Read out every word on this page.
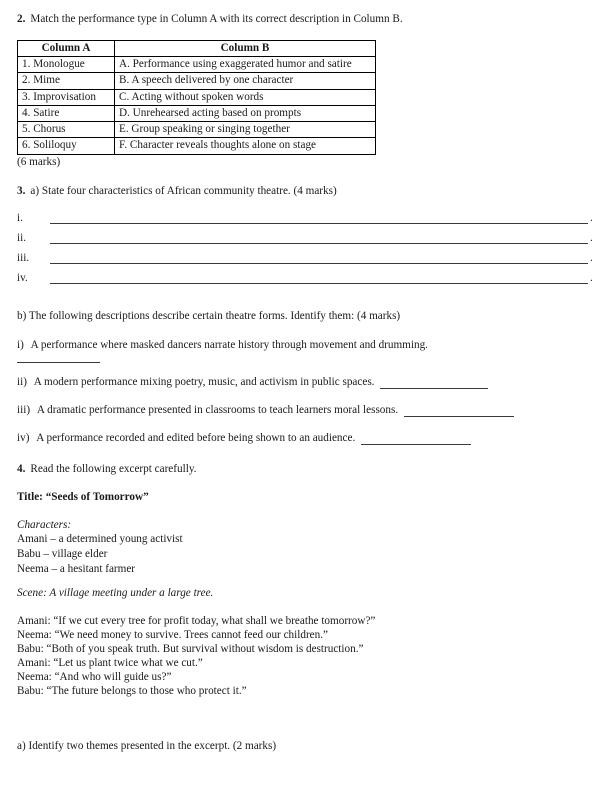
2. Match the performance type in Column A with its correct description in Column B.
Column A	Column B
1. Monologue	A. Performance using exaggerated humor and satire
2. Mime	B. A speech delivered by one character
3. Improvisation	C. Acting without spoken words
4. Satire	D. Unrehearsed acting based on prompts
5. Chorus	E. Group speaking or singing together
6. Soliloquy	F. Character reveals thoughts alone on stage
(6 marks)
3. a) State four characteristics of African community theatre. (4 marks)
i.	.
ii.	.
iii.	.
iv.	.
b) The following descriptions describe certain theatre forms. Identify them: (4 marks)
i) A performance where masked dancers narrate history through movement and drumming.
ii) A modern performance mixing poetry, music, and activism in public spaces.
iii) A dramatic performance presented in classrooms to teach learners moral lessons.
iv) A performance recorded and edited before being shown to an audience.
4. Read the following excerpt carefully.
Title: “Seeds of Tomorrow”
Characters:
Amani – a determined young activist
Babu – village elder
Neema – a hesitant farmer
Scene: A village meeting under a large tree.
Amani: “If we cut every tree for profit today, what shall we breathe tomorrow?”
Neema: “We need money to survive. Trees cannot feed our children.”
Babu: “Both of you speak truth. But survival without wisdom is destruction.”
Amani: “Let us plant twice what we cut.”
Neema: “And who will guide us?”
Babu: “The future belongs to those who protect it.”
a) Identify two themes presented in the excerpt. (2 marks)
